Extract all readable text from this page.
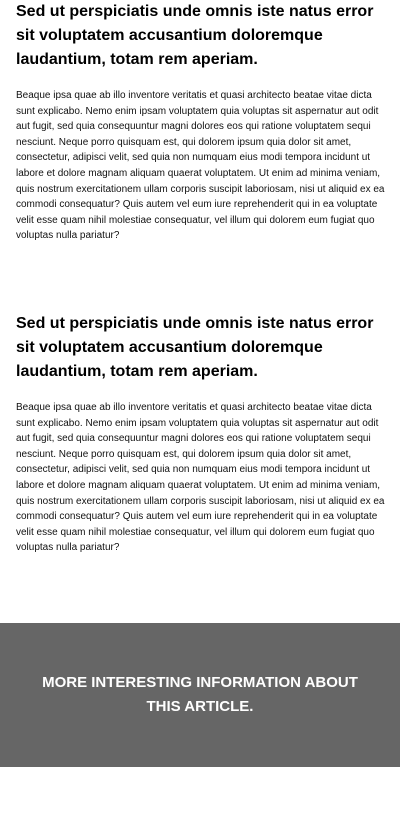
Sed ut perspiciatis unde omnis iste natus error sit voluptatem accusantium doloremque laudantium, totam rem aperiam.

Beaque ipsa quae ab illo inventore veritatis et quasi architecto beatae vitae dicta sunt explicabo. Nemo enim ipsam voluptatem quia voluptas sit aspernatur aut odit aut fugit, sed quia consequuntur magni dolores eos qui ratione voluptatem sequi nesciunt. Neque porro quisquam est, qui dolorem ipsum quia dolor sit amet, consectetur, adipisci velit, sed quia non numquam eius modi tempora incidunt ut labore et dolore magnam aliquam quaerat voluptatem. Ut enim ad minima veniam, quis nostrum exercitationem ullam corporis suscipit laboriosam, nisi ut aliquid ex ea commodi consequatur? Quis autem vel eum iure reprehenderit qui in ea voluptate velit esse quam nihil molestiae consequatur, vel illum qui dolorem eum fugiat quo voluptas nulla pariatur?

Sed ut perspiciatis unde omnis iste natus error sit voluptatem accusantium doloremque laudantium, totam rem aperiam.

Beaque ipsa quae ab illo inventore veritatis et quasi architecto beatae vitae dicta sunt explicabo. Nemo enim ipsam voluptatem quia voluptas sit aspernatur aut odit aut fugit, sed quia consequuntur magni dolores eos qui ratione voluptatem sequi nesciunt. Neque porro quisquam est, qui dolorem ipsum quia dolor sit amet, consectetur, adipisci velit, sed quia non numquam eius modi tempora incidunt ut labore et dolore magnam aliquam quaerat voluptatem. Ut enim ad minima veniam, quis nostrum exercitationem ullam corporis suscipit laboriosam, nisi ut aliquid ex ea commodi consequatur? Quis autem vel eum iure reprehenderit qui in ea voluptate velit esse quam nihil molestiae consequatur, vel illum qui dolorem eum fugiat quo voluptas nulla pariatur?

MORE INTERESTING INFORMATION ABOUT THIS ARTICLE.
